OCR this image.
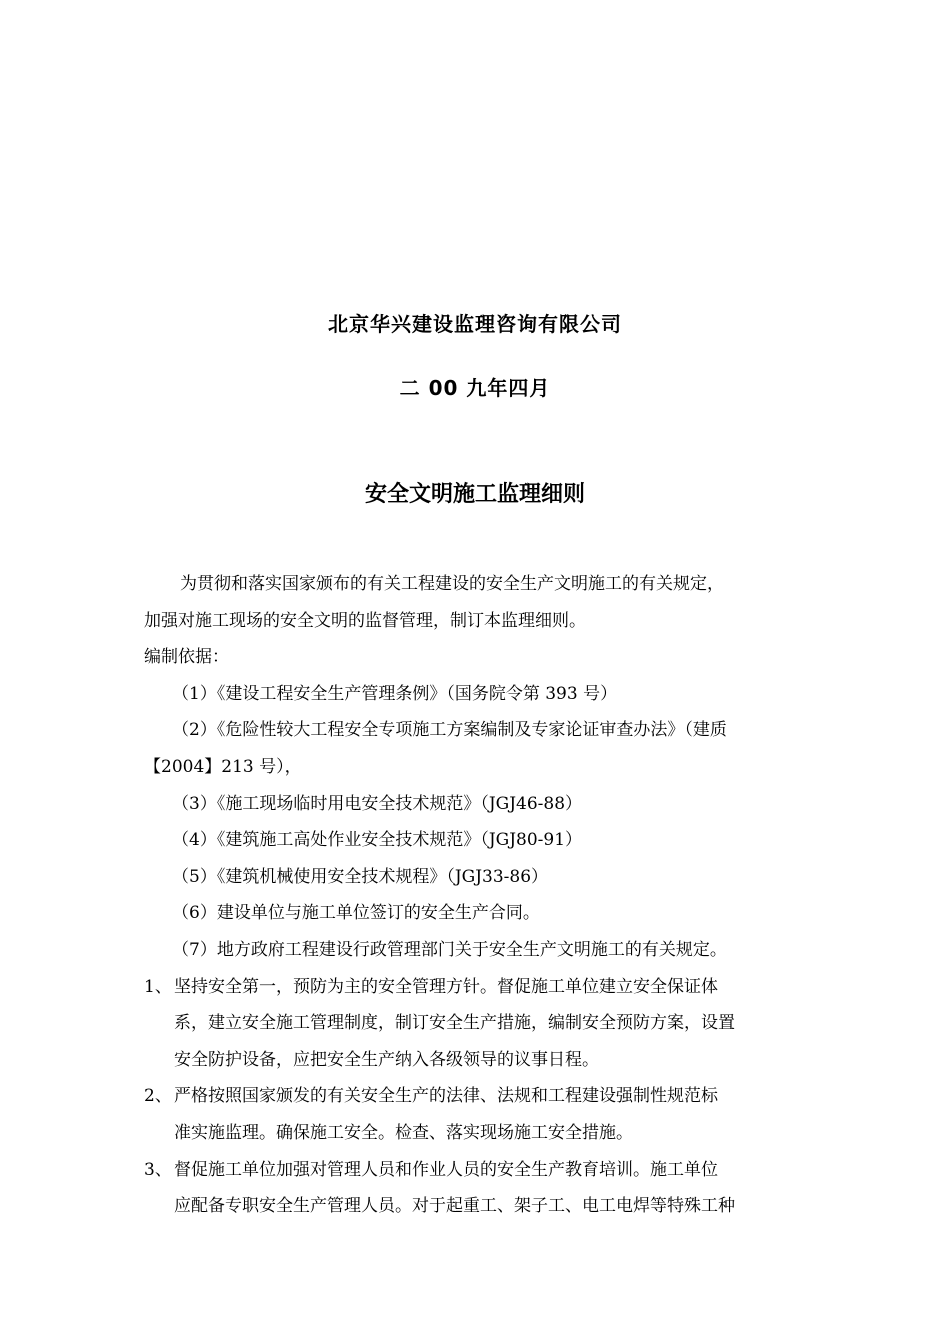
北京华兴建设监理咨询有限公司
二 00 九年四月
安全文明施工监理细则

为贯彻和落实国家颁布的有关工程建设的安全生产文明施工的有关规定，

加强对施工现场的安全文明的监督管理，制订本监理细则。

编制依据：

（1）《建设工程安全生产管理条例》（国务院令第 393 号）

（2）《危险性较大工程安全专项施工方案编制及专家论证审查办法》（建质

【2004】213 号），

（3）《施工现场临时用电安全技术规范》（JGJ46-88）

（4）《建筑施工高处作业安全技术规范》（JGJ80-91）

（5）《建筑机械使用安全技术规程》（JGJ33-86）

（6）建设单位与施工单位签订的安全生产合同。

（7）地方政府工程建设行政管理部门关于安全生产文明施工的有关规定。

1、 坚持安全第一，预防为主的安全管理方针。督促施工单位建立安全保证体
系，建立安全施工管理制度，制订安全生产措施，编制安全预防方案，设置
安全防护设备，应把安全生产纳入各级领导的议事日程。
2、 严格按照国家颁发的有关安全生产的法律、法规和工程建设强制性规范标
准实施监理。确保施工安全。检查、落实现场施工安全措施。
3、 督促施工单位加强对管理人员和作业人员的安全生产教育培训。施工单位
应配备专职安全生产管理人员。对于起重工、架子工、电工电焊等特殊工种
